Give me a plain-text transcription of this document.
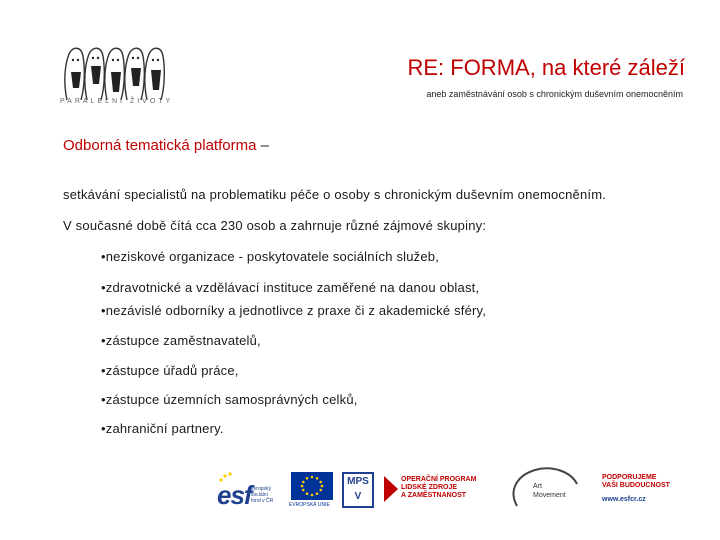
PARALELNÍ ŽIVOTY
RE: FORMA, na které záleží
aneb zaměstnávání osob s chronickým duševním onemocněním
Odborná tematická platforma –
setkávání specialistů na problematiku péče o osoby s chronickým duševním onemocněním.
V současné době čítá cca 230 osob a zahrnuje různé zájmové skupiny:
•neziskové organizace - poskytovatele sociálních služeb,
•zdravotnické a vzdělávací instituce zaměřené na danou oblast,
•nezávislé odborníky a jednotlivce z praxe či z akademické sféry,
•zástupce zaměstnavatelů,
•zástupce úřadů práce,
•zástupce územních samosprávných celků,
•zahraniční partnery.
esf evropský
sociální
fond v ČR
EVROPSKÁ UNIE
MPSV
OPERAČNÍ PROGRAM
LIDSKÉ ZDROJE
A ZAMĚSTNANOST
Art
Movement
PODPORUJEME
VAŠI BUDOUCNOST
www.esfcr.cz
